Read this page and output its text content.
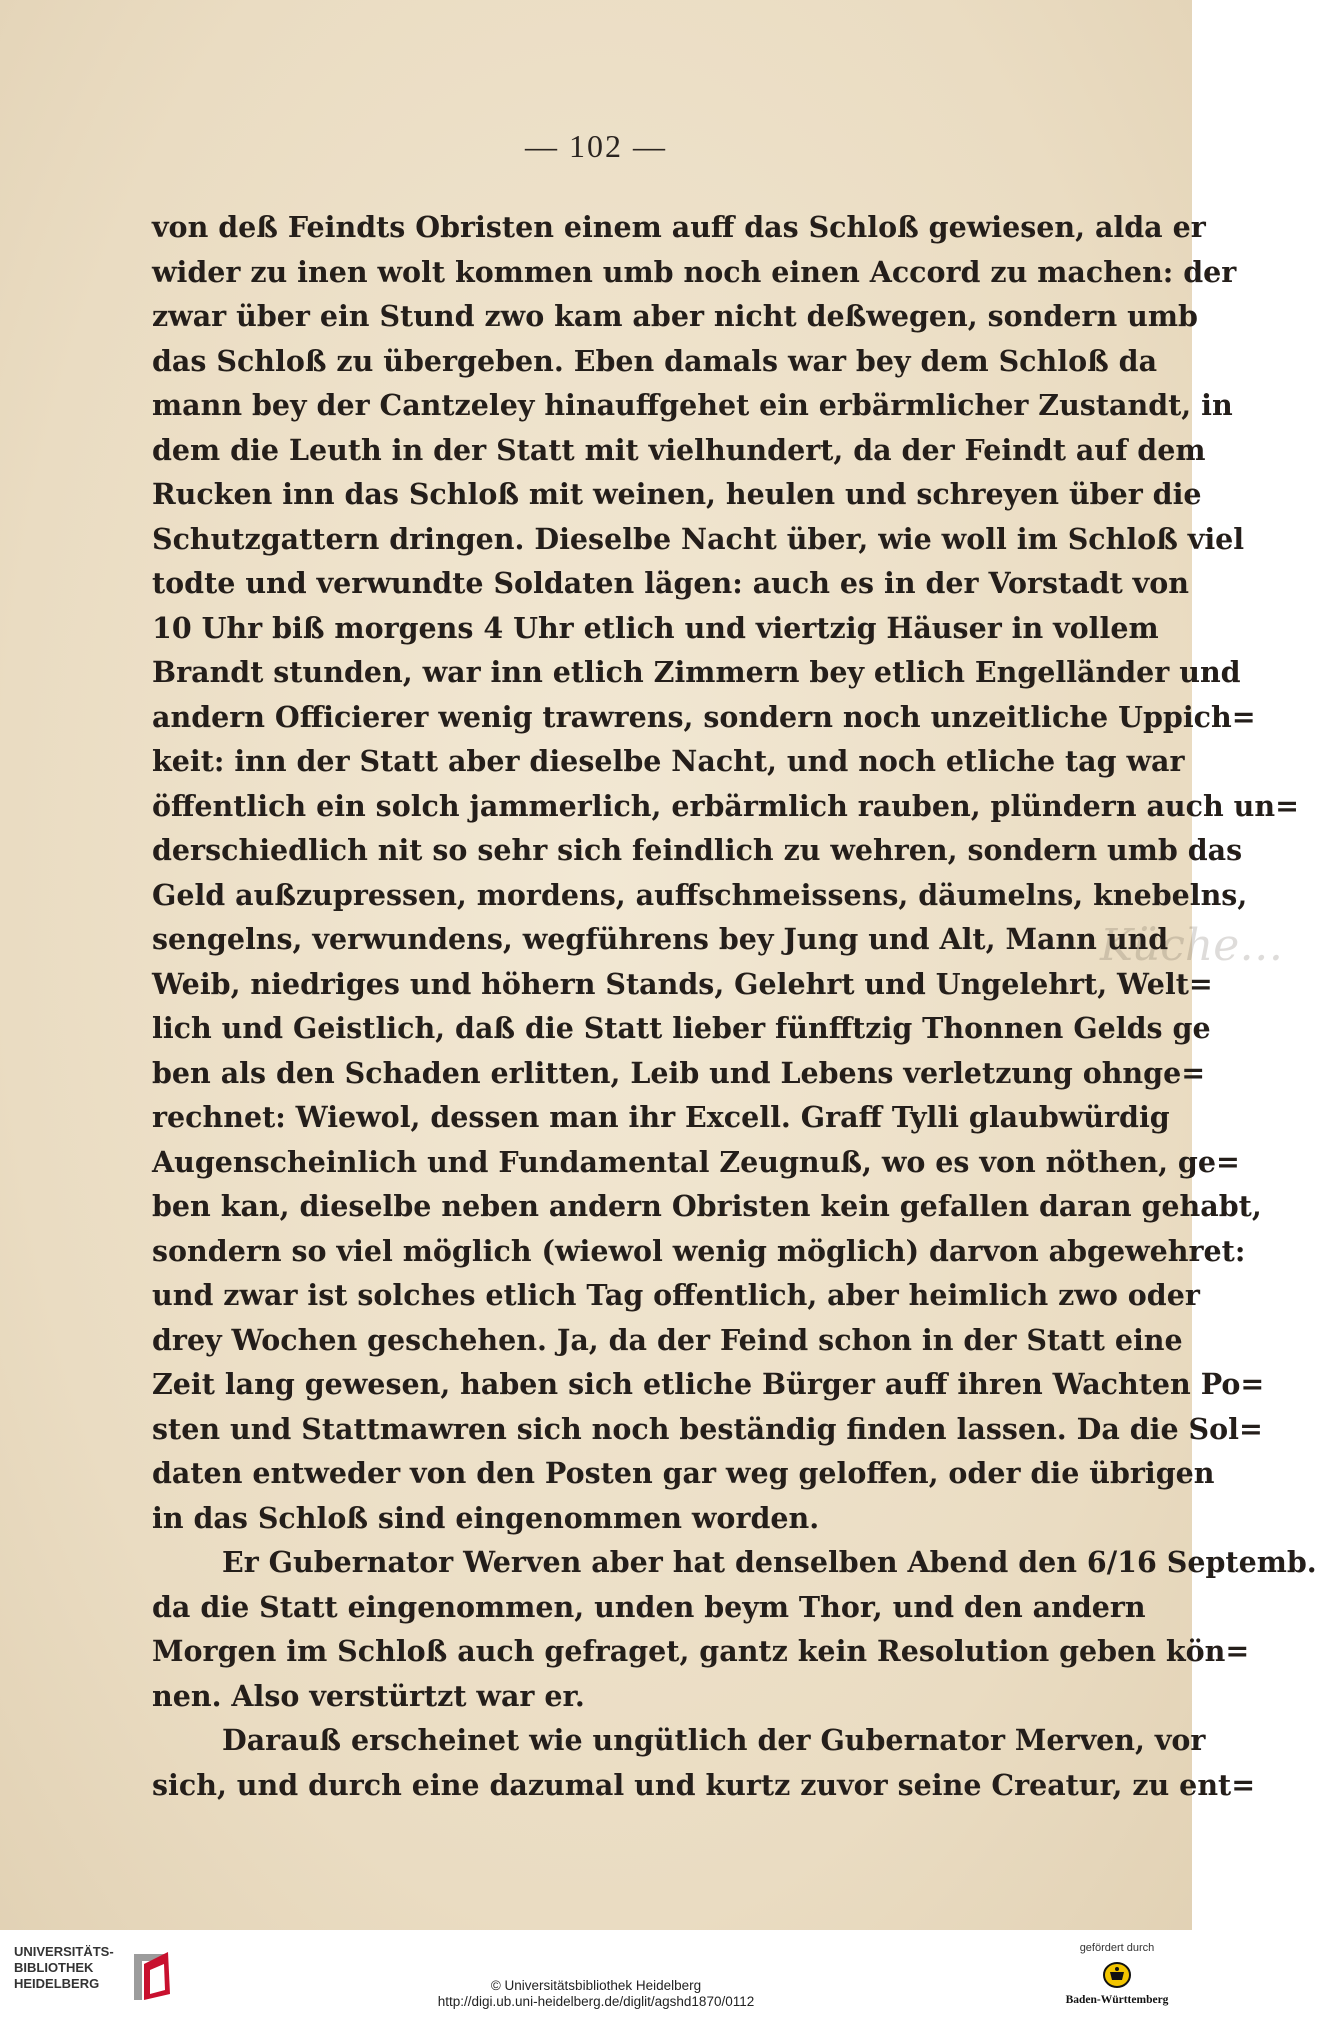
— 102 —
Küche…
von deß Feindts Obristen einem auff das Schloß gewiesen, alda er
wider zu inen wolt kommen umb noch einen Accord zu machen: der
zwar über ein Stund zwo kam aber nicht deßwegen, sondern umb
das Schloß zu übergeben. Eben damals war bey dem Schloß da
mann bey der Cantzeley hinauffgehet ein erbärmlicher Zustandt, in
dem die Leuth in der Statt mit vielhundert, da der Feindt auf dem
Rucken inn das Schloß mit weinen, heulen und schreyen über die
Schutzgattern dringen. Dieselbe Nacht über, wie woll im Schloß viel
todte und verwundte Soldaten lägen: auch es in der Vorstadt von
10 Uhr biß morgens 4 Uhr etlich und viertzig Häuser in vollem
Brandt stunden, war inn etlich Zimmern bey etlich Engelländer und
andern Officierer wenig trawrens, sondern noch unzeitliche Uppich=
keit: inn der Statt aber dieselbe Nacht, und noch etliche tag war
öffentlich ein solch jammerlich, erbärmlich rauben, plündern auch un=
derschiedlich nit so sehr sich feindlich zu wehren, sondern umb das
Geld außzupressen, mordens, auffschmeissens, däumelns, knebelns,
sengelns, verwundens, wegführens bey Jung und Alt, Mann und
Weib, niedriges und höhern Stands, Gelehrt und Ungelehrt, Welt=
lich und Geistlich, daß die Statt lieber fünfftzig Thonnen Gelds ge
ben als den Schaden erlitten, Leib und Lebens verletzung ohnge=
rechnet: Wiewol, dessen man ihr Excell. Graff Tylli glaubwürdig
Augenscheinlich und Fundamental Zeugnuß, wo es von nöthen, ge=
ben kan, dieselbe neben andern Obristen kein gefallen daran gehabt,
sondern so viel möglich (wiewol wenig möglich) darvon abgewehret:
und zwar ist solches etlich Tag offentlich, aber heimlich zwo oder
drey Wochen geschehen. Ja, da der Feind schon in der Statt eine
Zeit lang gewesen, haben sich etliche Bürger auff ihren Wachten Po=
sten und Stattmawren sich noch beständig finden lassen. Da die Sol=
daten entweder von den Posten gar weg geloffen, oder die übrigen
in das Schloß sind eingenommen worden.
Er Gubernator Werven aber hat denselben Abend den 6/16 Septemb.
da die Statt eingenommen, unden beym Thor, und den andern
Morgen im Schloß auch gefraget, gantz kein Resolution geben kön=
nen. Also verstürtzt war er.
Darauß erscheinet wie ungütlich der Gubernator Merven, vor
sich, und durch eine dazumal und kurtz zuvor seine Creatur, zu ent=
UNIVERSITÄTS-
BIBLIOTHEK
HEIDELBERG	© Universitätsbibliothek Heidelberg
http://digi.ub.uni-heidelberg.de/diglit/agshd1870/0112
gefördert durch
Baden-Württemberg
